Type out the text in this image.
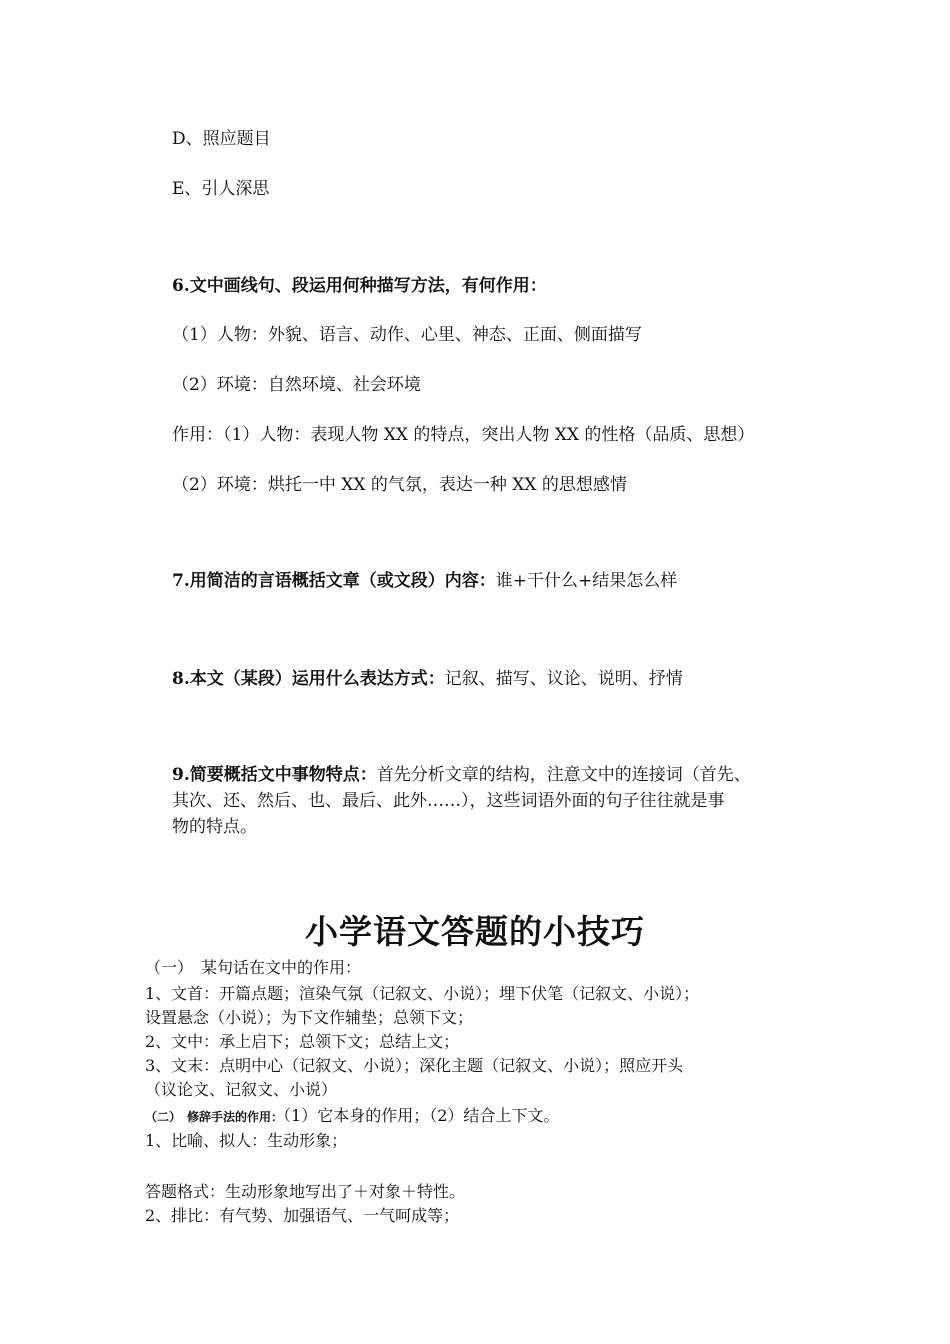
D、照应题目
E、引人深思
6.文中画线句、段运用何种描写方法，有何作用：
（1）人物：外貌、语言、动作、心里、神态、正面、侧面描写
（2）环境：自然环境、社会环境
作用：（1）人物：表现人物 XX 的特点，突出人物 XX 的性格（品质、思想）
（2）环境：烘托一中 XX 的气氛，表达一种 XX 的思想感情
7.用简洁的言语概括文章（或文段）内容：谁+干什么+结果怎么样
8.本文（某段）运用什么表达方式：记叙、描写、议论、说明、抒情
9.简要概括文中事物特点：首先分析文章的结构，注意文中的连接词（首先、
其次、还、然后、也、最后、此外……），这些词语外面的句子往往就是事
物的特点。
小学语文答题的小技巧
（一）　某句话在文中的作用：
1、文首：开篇点题；渲染气氛（记叙文、小说）；埋下伏笔（记叙文、小说）；
设置悬念（小说）；为下文作辅垫；总领下文；
2、文中：承上启下；总领下文；总结上文；
3、文末：点明中心（记叙文、小说）；深化主题（记叙文、小说）；照应开头
（议论文、记叙文、小说）
（二）　修辞手法的作用：（1）它本身的作用；（2）结合上下文。
1、比喻、拟人：生动形象；
答题格式：生动形象地写出了＋对象＋特性。
2、排比：有气势、加强语气、一气呵成等；
